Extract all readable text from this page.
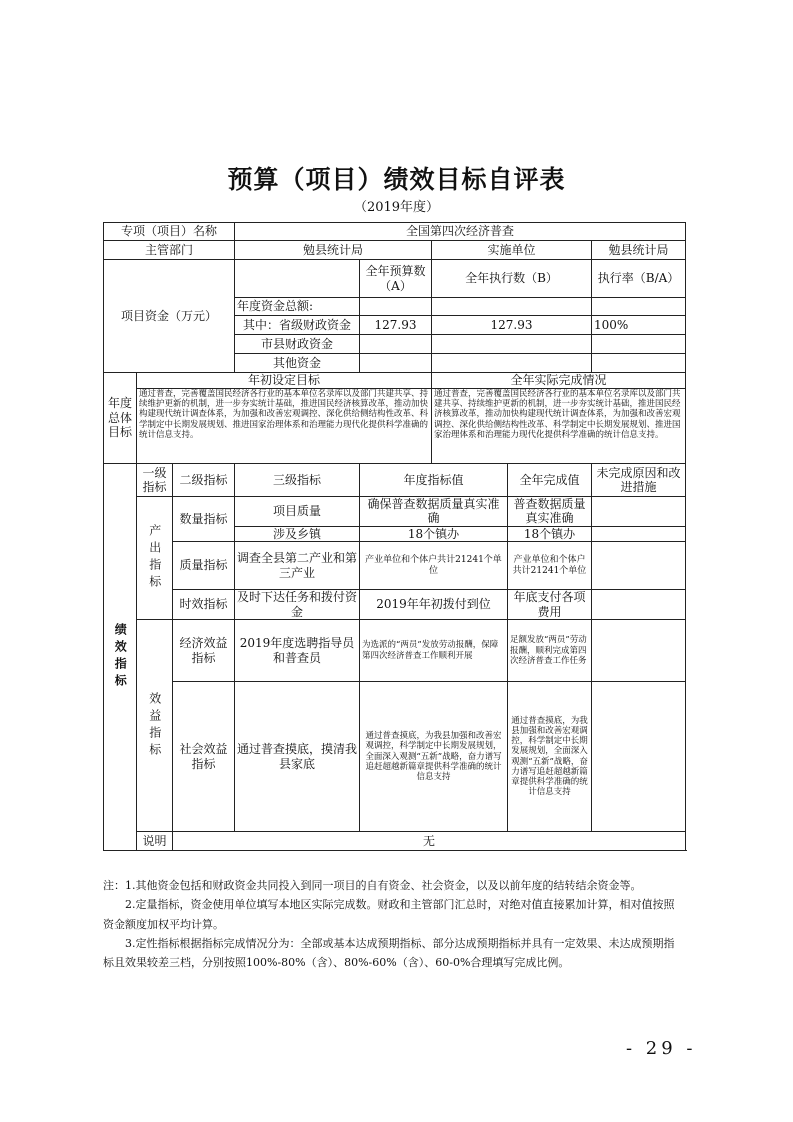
预算（项目）绩效目标自评表
（2019年度）
专项（项目）名称			全国第四次经济普查				
主管部门			勉县统计局		实施单位		勉县统计局
项目资金（万元）				全年预算数（A）	全年执行数（B）		执行率（B/A）
			年度资金总额:				
			其中：省级财政资金	127.93	127.93		100%
			市县财政资金				
			其他资金				
年度总体目标	年初设定目标				全年实际完成情况		
	通过普查，完善覆盖国民经济各行业的基本单位名录库以及部门共建共享、持续维护更新的机制，进一步夯实统计基础，推进国民经济核算改革，推动加快构建现代统计调查体系，为加强和改善宏观调控、深化供给侧结构性改革、科学制定中长期发展规划、推进国家治理体系和治理能力现代化提供科学准确的统计信息支持。				通过普查，完善覆盖国民经济各行业的基本单位名录库以及部门共建共享、持续维护更新的机制，进一步夯实统计基础，推进国民经济核算改革，推动加快构建现代统计调查体系，为加强和改善宏观调控、深化供给侧结构性改革、科学制定中长期发展规划、推进国家治理体系和治理能力现代化提供科学准确的统计信息支持。		

绩效指标	一级指标	二级指标	三级指标	年度指标值		全年完成值	未完成原因和改进措施

	产出指标	数量指标	项目质量	确保普查数据质量真实准确		普查数据质量真实准确	
			涉及乡镇	18个镇办		18个镇办	
		质量指标	调查全县第二产业和第三产业	产业单位和个体户共计21241个单位		产业单位和个体户共计21241个单位	
		时效指标	及时下达任务和拨付资金	2019年年初拨付到位		年底支付各项费用	

	效益指标	经济效益指标	2019年度选聘指导员和普查员	为选派的“两员”发放劳动报酬，保障第四次经济普查工作顺利开展		足额发放“两员”劳动报酬，顺利完成第四次经济普查工作任务	
		社会效益指标	通过普查摸底，摸清我县家底	通过普查摸底，为我县加强和改善宏观调控，科学制定中长期发展规划，全面深入观测“五新”战略，奋力谱写追赶超越新篇章提供科学准确的统计信息支持		通过普查摸底，为我县加强和改善宏观调控，科学制定中长期发展规划，全面深入观测“五新”战略，奋力谱写追赶超越新篇章提供科学准确的统计信息支持	
	说明	无					

注：1.其他资金包括和财政资金共同投入到同一项目的自有资金、社会资金，以及以前年度的结转结余资金等。

2.定量指标，资金使用单位填写本地区实际完成数。财政和主管部门汇总时，对绝对值直接累加计算，相对值按照资金额度加权平均计算。

3.定性指标根据指标完成情况分为：全部或基本达成预期指标、部分达成预期指标并具有一定效果、未达成预期指标且效果较差三档，分别按照100%-80%（含）、80%-60%（含）、60-0%合理填写完成比例。

- 29 -
